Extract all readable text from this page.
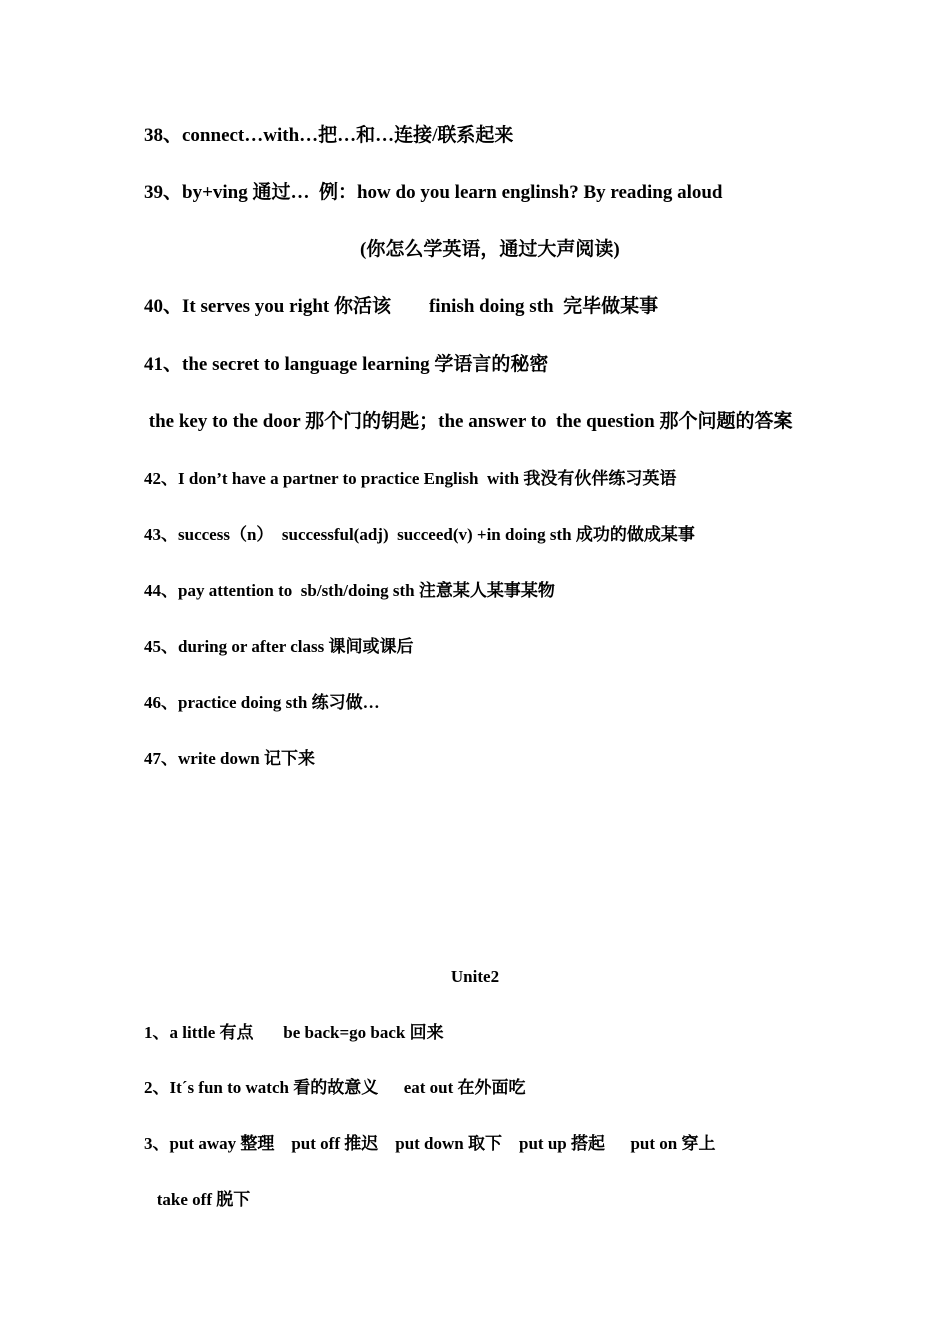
38、connect…with…把…和…连接/联系起来
39、by+ving 通过…  例：how do you learn englinsh? By reading aloud
(你怎么学英语，通过大声阅读)
40、It serves you right 你活该        finish doing sth  完毕做某事
41、the secret to language learning 学语言的秘密
the key to the door 那个门的钥匙；the answer to  the question 那个问题的答案
42、I don’t have a partner to practice English  with 我没有伙伴练习英语
43、success（n）  successful(adj)  succeed(v) +in doing sth 成功的做成某事
44、pay attention to  sb/sth/doing sth 注意某人某事某物
45、during or after class 课间或课后
46、practice doing sth 练习做…
47、write down 记下来
Unite2
1、a little 有点       be back=go back 回来
2、It´s fun to watch 看的故意义      eat out 在外面吃
3、put away 整理    put off 推迟    put down 取下    put up 搭起      put on 穿上
take off 脱下
